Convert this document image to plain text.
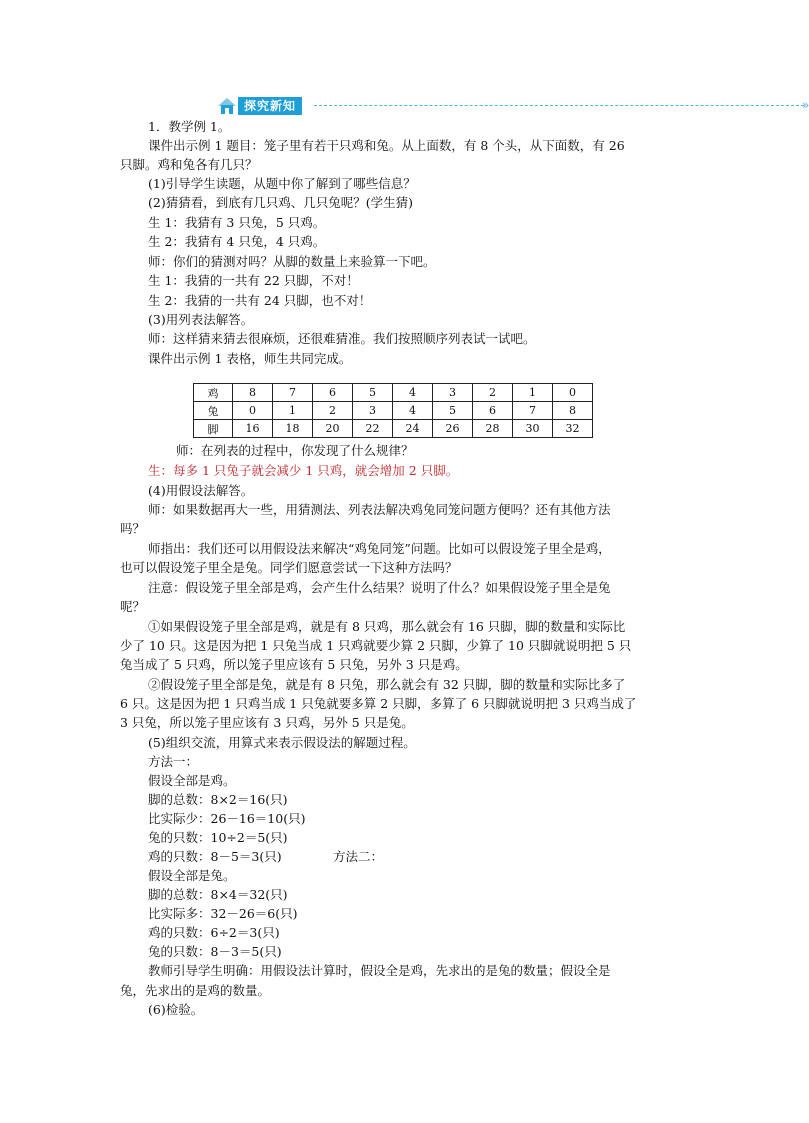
探究新知	»
1．教学例 1。
课件出示例 1 题目：笼子里有若干只鸡和兔。从上面数，有 8 个头，从下面数，有 26
只脚。鸡和兔各有几只？
(1)引导学生读题，从题中你了解到了哪些信息？
(2)猜猜看，到底有几只鸡、几只兔呢？(学生猜)
生 1：我猜有 3 只兔，5 只鸡。
生 2：我猜有 4 只兔，4 只鸡。
师：你们的猜测对吗？从脚的数量上来验算一下吧。
生 1：我猜的一共有 22 只脚，不对！
生 2：我猜的一共有 24 只脚，也不对！
(3)用列表法解答。
师：这样猜来猜去很麻烦，还很难猜准。我们按照顺序列表试一试吧。
课件出示例 1 表格，师生共同完成。
鸡	8	7	6	5	4	3	2	1	0
兔	0	1	2	3	4	5	6	7	8
脚	16	18	20	22	24	26	28	30	32
师：在列表的过程中，你发现了什么规律？
生：每多 1 只兔子就会减少 1 只鸡，就会增加 2 只脚。
(4)用假设法解答。
师：如果数据再大一些，用猜测法、列表法解决鸡兔同笼问题方便吗？还有其他方法
吗？
师指出：我们还可以用假设法来解决“鸡兔同笼”问题。比如可以假设笼子里全是鸡，
也可以假设笼子里全是兔。同学们愿意尝试一下这种方法吗？
注意：假设笼子里全部是鸡，会产生什么结果？说明了什么？如果假设笼子里全是兔
呢？
①如果假设笼子里全部是鸡，就是有 8 只鸡，那么就会有 16 只脚，脚的数量和实际比
少了 10 只。这是因为把 1 只兔当成 1 只鸡就要少算 2 只脚，少算了 10 只脚就说明把 5 只
兔当成了 5 只鸡，所以笼子里应该有 5 只兔，另外 3 只是鸡。
②假设笼子里全部是兔，就是有 8 只兔，那么就会有 32 只脚，脚的数量和实际比多了
6 只。这是因为把 1 只鸡当成 1 只兔就要多算 2 只脚，多算了 6 只脚就说明把 3 只鸡当成了
3 只兔，所以笼子里应该有 3 只鸡，另外 5 只是兔。
(5)组织交流，用算式来表示假设法的解题过程。
方法一：
假设全部是鸡。
脚的总数：8×2＝16(只)
比实际少：26－16＝10(只)
兔的只数：10÷2＝5(只)
鸡的只数：8－5＝3(只)	方法二：
假设全部是兔。
脚的总数：8×4＝32(只)
比实际多：32－26＝6(只)
鸡的只数：6÷2＝3(只)
兔的只数：8－3＝5(只)
教师引导学生明确：用假设法计算时，假设全是鸡，先求出的是兔的数量；假设全是
兔，先求出的是鸡的数量。
(6)检验。
